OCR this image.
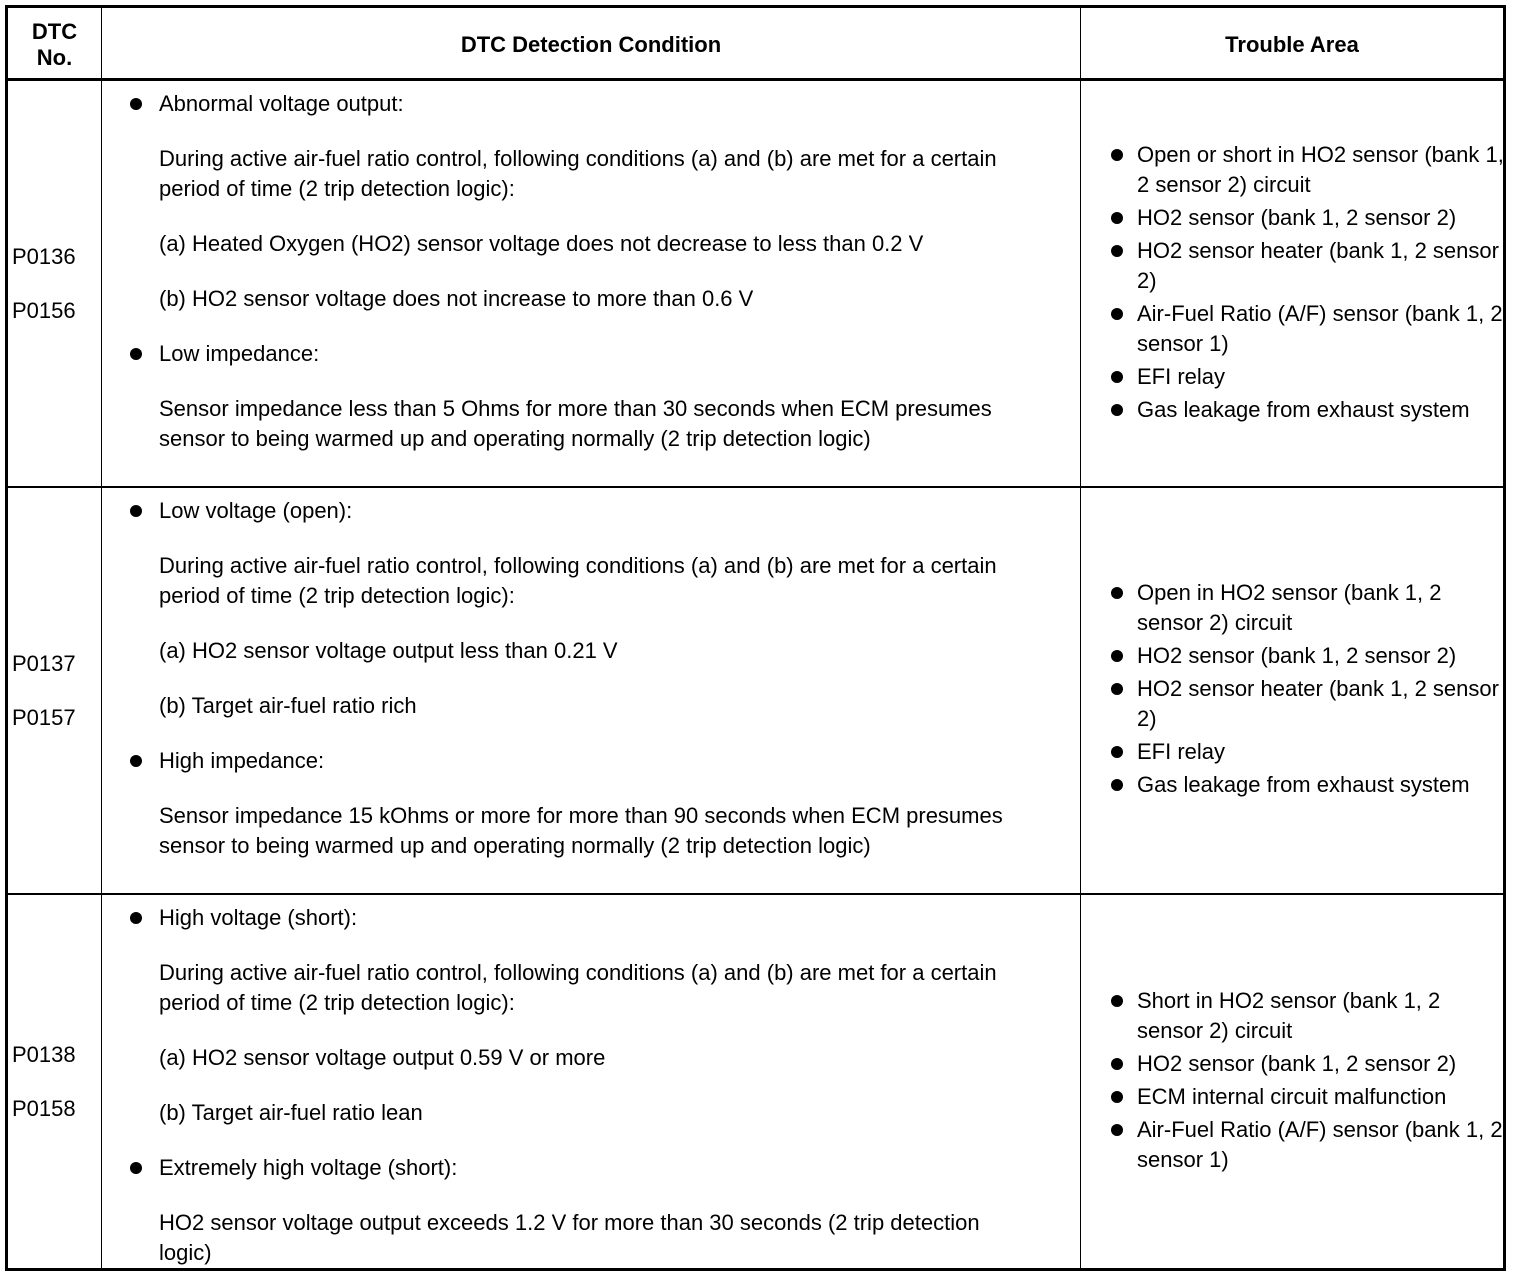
DTC No.
DTC Detection Condition	Trouble Area
P0136
P0156
Abnormal voltage output:
During active air-fuel ratio control, following conditions (a) and (b) are met for a certain period of time (2 trip detection logic):
(a) Heated Oxygen (HO2) sensor voltage does not decrease to less than 0.2 V
(b) HO2 sensor voltage does not increase to more than 0.6 V
Low impedance:
Sensor impedance less than 5 Ohms for more than 30 seconds when ECM presumes sensor to being warmed up and operating normally (2 trip detection logic)
Open or short in HO2 sensor (bank 1, 2 sensor 2) circuit
HO2 sensor (bank 1, 2 sensor 2)
HO2 sensor heater (bank 1, 2 sensor 2)
Air-Fuel Ratio (A/F) sensor (bank 1, 2 sensor 1)
EFI relay
Gas leakage from exhaust system
P0137
P0157
Low voltage (open):
During active air-fuel ratio control, following conditions (a) and (b) are met for a certain period of time (2 trip detection logic):
(a) HO2 sensor voltage output less than 0.21 V
(b) Target air-fuel ratio rich
High impedance:
Sensor impedance 15 kOhms or more for more than 90 seconds when ECM presumes sensor to being warmed up and operating normally (2 trip detection logic)
Open in HO2 sensor (bank 1, 2 sensor 2) circuit
HO2 sensor (bank 1, 2 sensor 2)
HO2 sensor heater (bank 1, 2 sensor 2)
EFI relay
Gas leakage from exhaust system
P0138
P0158
High voltage (short):
During active air-fuel ratio control, following conditions (a) and (b) are met for a certain period of time (2 trip detection logic):
(a) HO2 sensor voltage output 0.59 V or more
(b) Target air-fuel ratio lean
Extremely high voltage (short):
HO2 sensor voltage output exceeds 1.2 V for more than 30 seconds (2 trip detection logic)
Short in HO2 sensor (bank 1, 2 sensor 2) circuit
HO2 sensor (bank 1, 2 sensor 2)
ECM internal circuit malfunction
Air-Fuel Ratio (A/F) sensor (bank 1, 2 sensor 1)
